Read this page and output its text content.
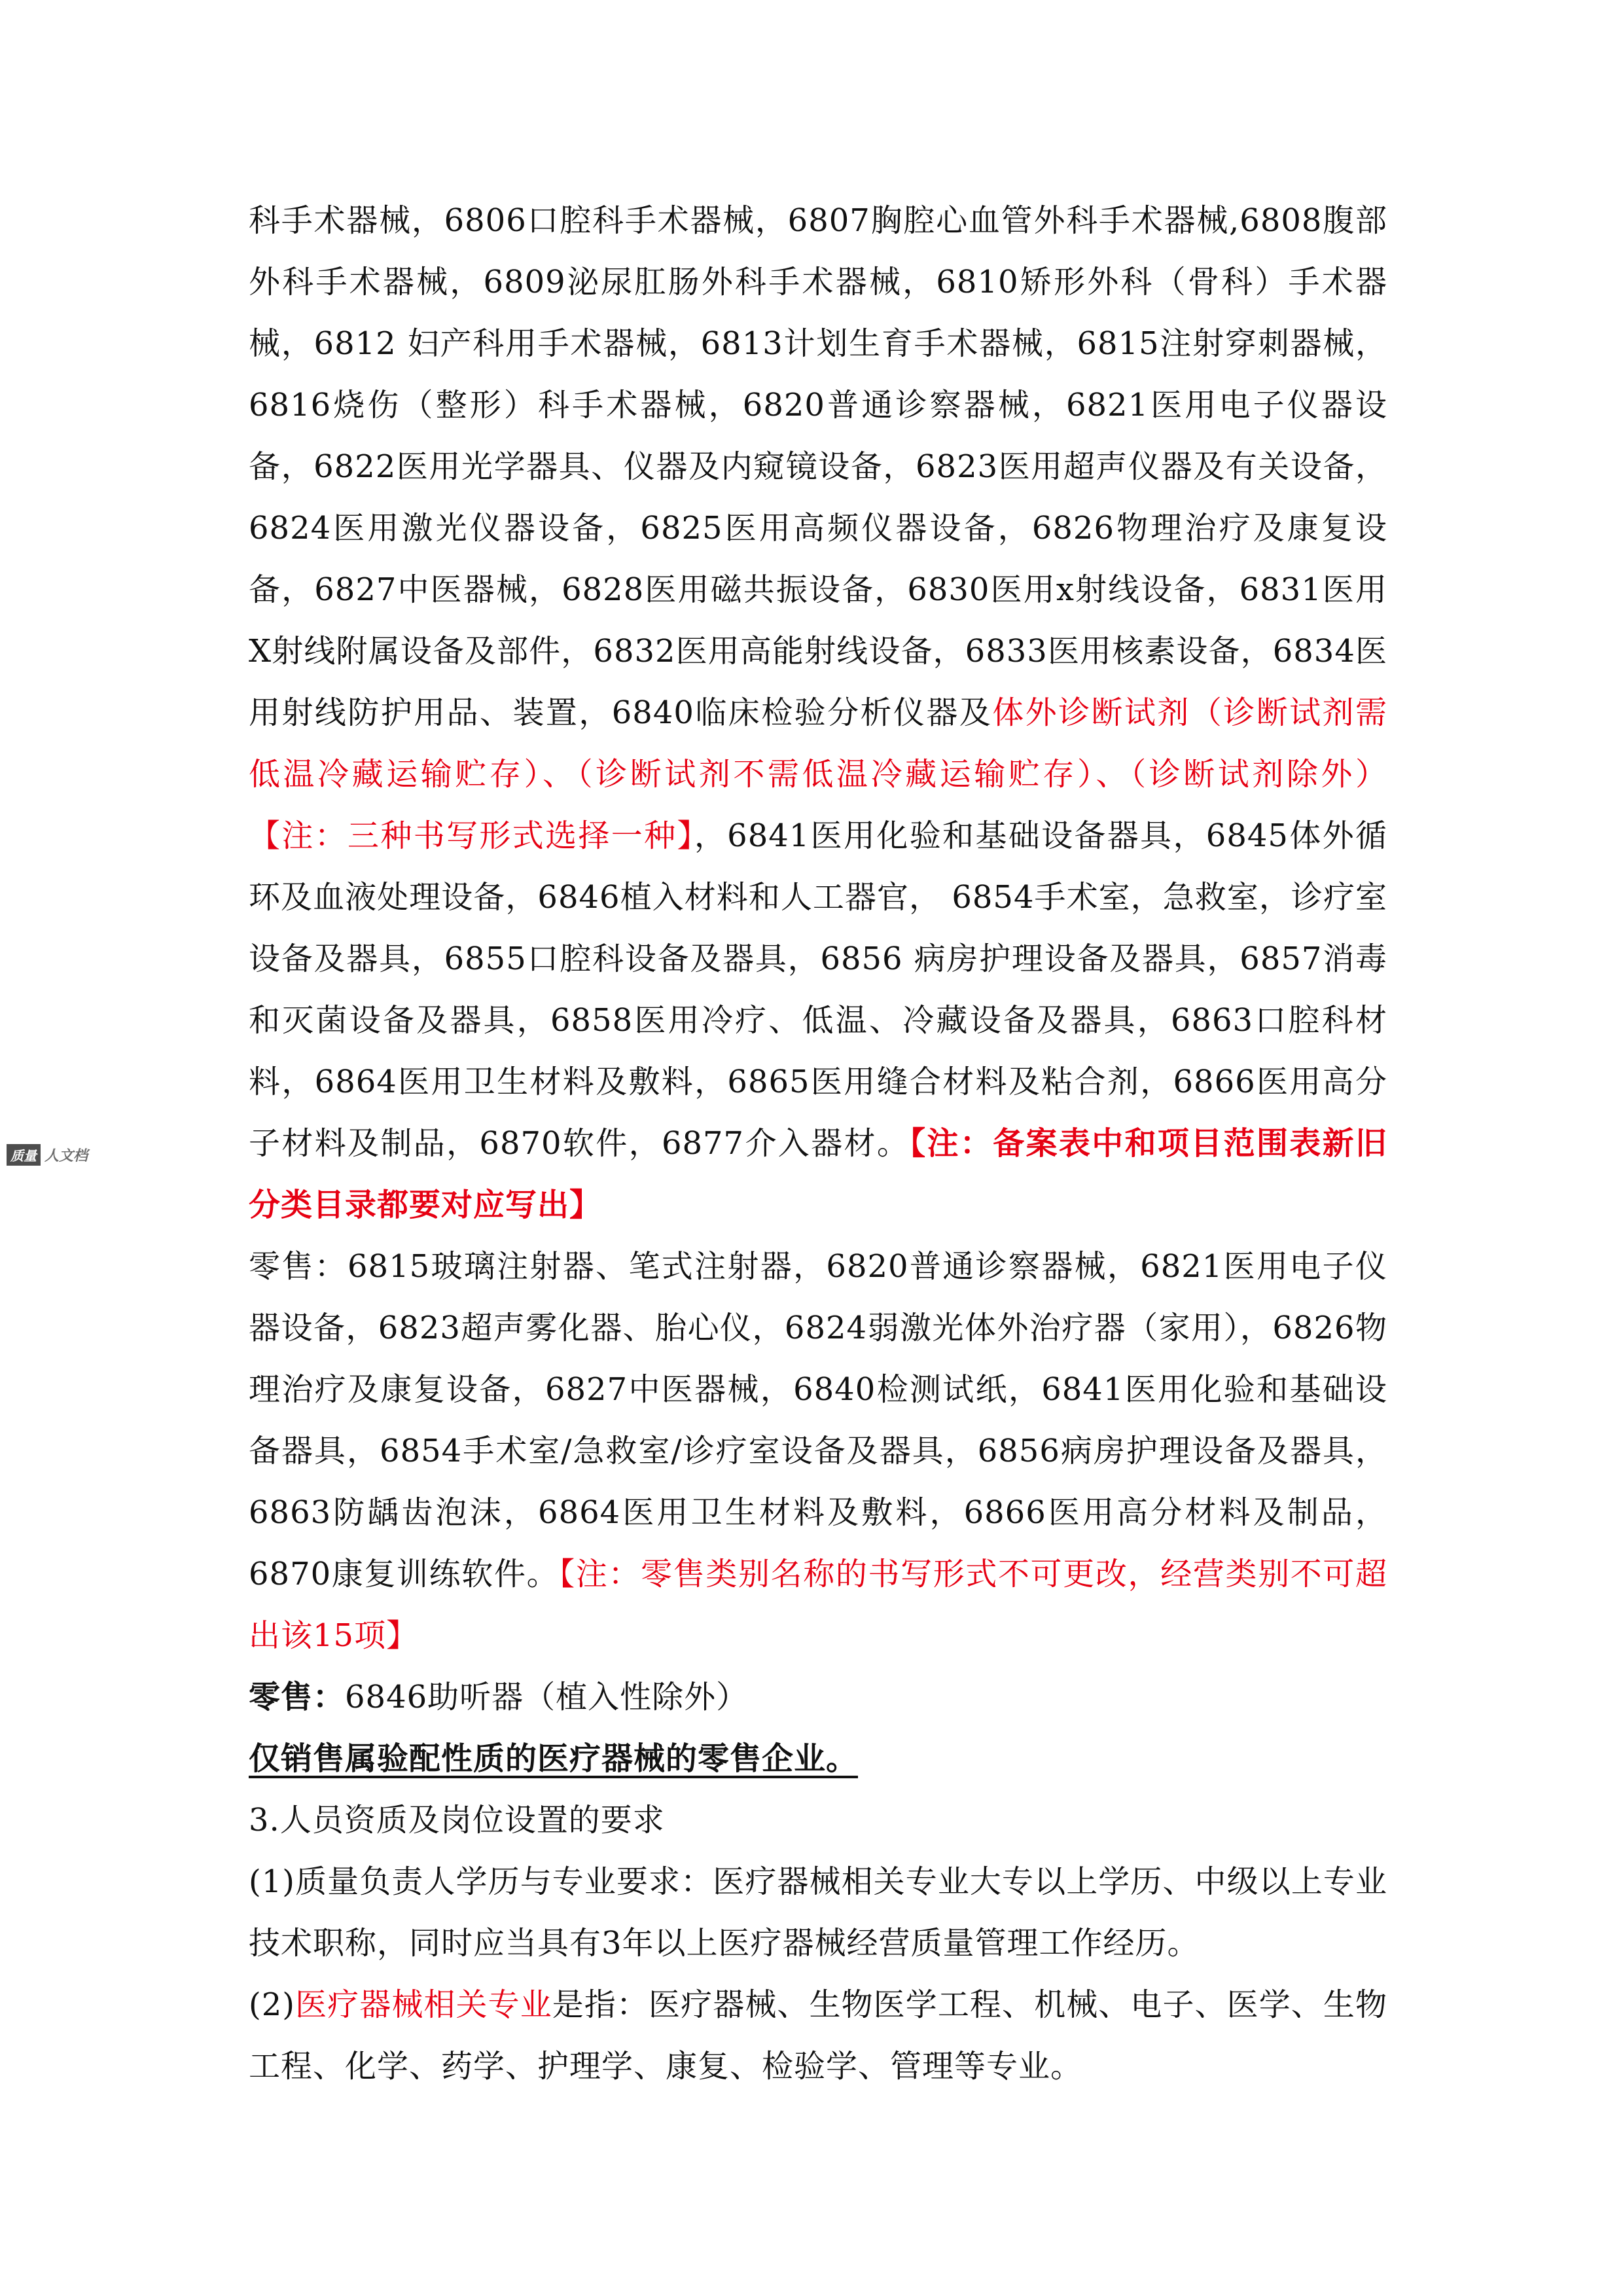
质量 人文档

科手术器械，6806口腔科手术器械，6807胸腔心血管外科手术器械,6808腹部外科手术器械，6809泌尿肛肠外科手术器械，6810矫形外科（骨科）手术器械，6812 妇产科用手术器械，6813计划生育手术器械，6815注射穿刺器械，6816烧伤（整形）科手术器械，6820普通诊察器械，6821医用电子仪器设备，6822医用光学器具、仪器及内窥镜设备，6823医用超声仪器及有关设备，6824医用激光仪器设备，6825医用高频仪器设备，6826物理治疗及康复设备，6827中医器械，6828医用磁共振设备，6830医用x射线设备，6831医用X射线附属设备及部件，6832医用高能射线设备，6833医用核素设备，6834医用射线防护用品、装置，6840临床检验分析仪器及体外诊断试剂（诊断试剂需低温冷藏运输贮存）、（诊断试剂不需低温冷藏运输贮存）、（诊断试剂除外）【注：三种书写形式选择一种】，6841医用化验和基础设备器具，6845体外循环及血液处理设备，6846植入材料和人工器官， 6854手术室，急救室，诊疗室设备及器具，6855口腔科设备及器具，6856 病房护理设备及器具，6857消毒和灭菌设备及器具，6858医用冷疗、低温、冷藏设备及器具，6863口腔科材料，6864医用卫生材料及敷料，6865医用缝合材料及粘合剂，6866医用高分子材料及制品，6870软件，6877介入器材。【注：备案表中和项目范围表新旧分类目录都要对应写出】

零售：6815玻璃注射器、笔式注射器，6820普通诊察器械，6821医用电子仪器设备，6823超声雾化器、胎心仪，6824弱激光体外治疗器（家用），6826物理治疗及康复设备，6827中医器械，6840检测试纸，6841医用化验和基础设备器具，6854手术室/急救室/诊疗室设备及器具，6856病房护理设备及器具，6863防龋齿泡沫，6864医用卫生材料及敷料，6866医用高分材料及制品，6870康复训练软件。【注：零售类别名称的书写形式不可更改，经营类别不可超出该15项】

零售：6846助听器（植入性除外）

仅销售属验配性质的医疗器械的零售企业。

3.人员资质及岗位设置的要求

(1)质量负责人学历与专业要求：医疗器械相关专业大专以上学历、中级以上专业技术职称，同时应当具有3年以上医疗器械经营质量管理工作经历。

(2)医疗器械相关专业是指：医疗器械、生物医学工程、机械、电子、医学、生物工程、化学、药学、护理学、康复、检验学、管理等专业。
